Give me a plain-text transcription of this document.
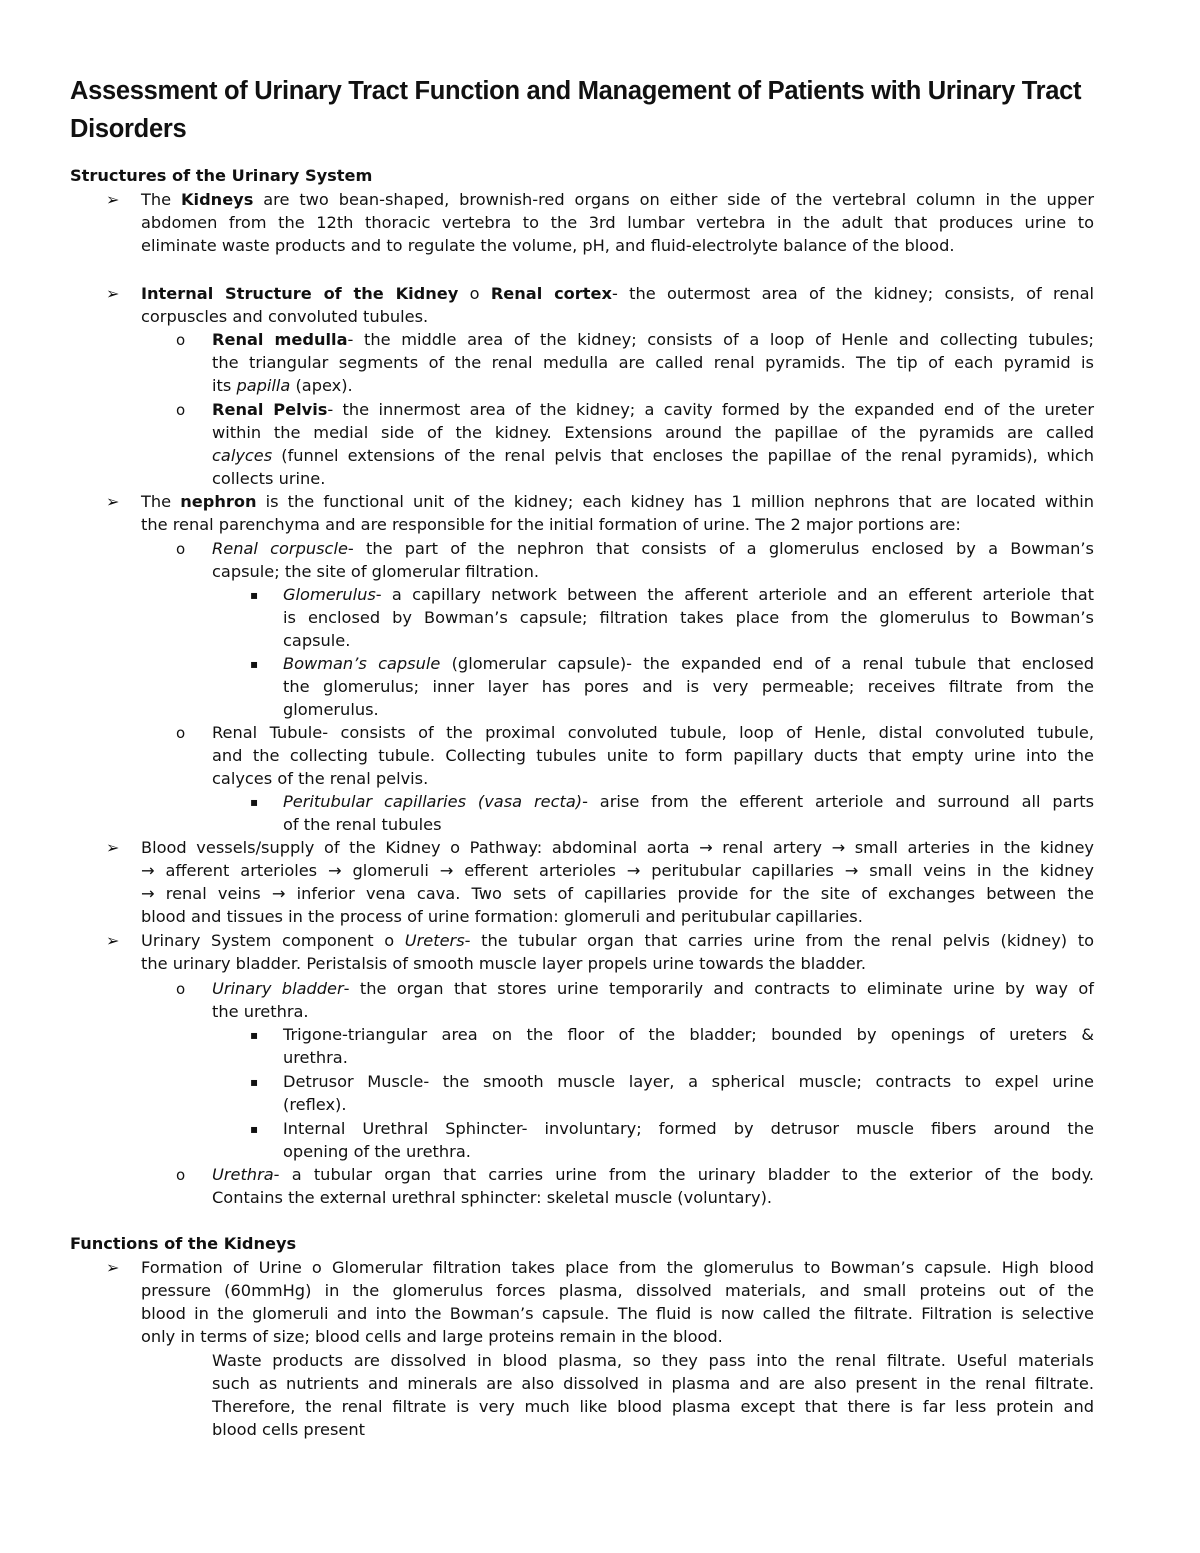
Assessment of Urinary Tract Function and Management of Patients with Urinary Tract Disorders
Structures of the Urinary System
➢ The Kidneys are two bean-shaped, brownish-red organs on either side of the vertebral column in the upper
abdomen from the 12th thoracic vertebra to the 3rd lumbar vertebra in the adult that produces urine to
eliminate waste products and to regulate the volume, pH, and fluid-electrolyte balance of the blood.
➢ Internal Structure of the Kidney o Renal cortex- the outermost area of the kidney; consists, of renal
corpuscles and convoluted tubules.
o Renal medulla- the middle area of the kidney; consists of a loop of Henle and collecting tubules;
the triangular segments of the renal medulla are called renal pyramids. The tip of each pyramid is
its papilla (apex).
o Renal Pelvis- the innermost area of the kidney; a cavity formed by the expanded end of the ureter
within the medial side of the kidney. Extensions around the papillae of the pyramids are called
calyces (funnel extensions of the renal pelvis that encloses the papillae of the renal pyramids), which
collects urine.
➢ The nephron is the functional unit of the kidney; each kidney has 1 million nephrons that are located within
the renal parenchyma and are responsible for the initial formation of urine. The 2 major portions are:
o Renal corpuscle- the part of the nephron that consists of a glomerulus enclosed by a Bowman’s
capsule; the site of glomerular filtration.
▪ Glomerulus- a capillary network between the afferent arteriole and an efferent arteriole that
is enclosed by Bowman’s capsule; filtration takes place from the glomerulus to Bowman’s
capsule.
▪ Bowman’s capsule (glomerular capsule)- the expanded end of a renal tubule that enclosed
the glomerulus; inner layer has pores and is very permeable; receives filtrate from the
glomerulus.
o Renal Tubule- consists of the proximal convoluted tubule, loop of Henle, distal convoluted tubule,
and the collecting tubule. Collecting tubules unite to form papillary ducts that empty urine into the
calyces of the renal pelvis.
▪ Peritubular capillaries (vasa recta)- arise from the efferent arteriole and surround all parts
of the renal tubules
➢ Blood vessels/supply of the Kidney o Pathway: abdominal aorta → renal artery → small arteries in the kidney
→ afferent arterioles → glomeruli → efferent arterioles → peritubular capillaries → small veins in the kidney
→ renal veins → inferior vena cava. Two sets of capillaries provide for the site of exchanges between the
blood and tissues in the process of urine formation: glomeruli and peritubular capillaries.
➢ Urinary System component o Ureters- the tubular organ that carries urine from the renal pelvis (kidney) to
the urinary bladder. Peristalsis of smooth muscle layer propels urine towards the bladder.
o Urinary bladder- the organ that stores urine temporarily and contracts to eliminate urine by way of
the urethra.
▪ Trigone-triangular area on the floor of the bladder; bounded by openings of ureters &
urethra.
▪ Detrusor Muscle- the smooth muscle layer, a spherical muscle; contracts to expel urine
(reflex).
▪ Internal Urethral Sphincter- involuntary; formed by detrusor muscle fibers around the
opening of the urethra.
o Urethra- a tubular organ that carries urine from the urinary bladder to the exterior of the body.
Contains the external urethral sphincter: skeletal muscle (voluntary).
Functions of the Kidneys
➢ Formation of Urine o Glomerular filtration takes place from the glomerulus to Bowman’s capsule. High blood
pressure (60mmHg) in the glomerulus forces plasma, dissolved materials, and small proteins out of the
blood in the glomeruli and into the Bowman’s capsule. The fluid is now called the filtrate. Filtration is selective
only in terms of size; blood cells and large proteins remain in the blood.
Waste products are dissolved in blood plasma, so they pass into the renal filtrate. Useful materials
such as nutrients and minerals are also dissolved in plasma and are also present in the renal filtrate.
Therefore, the renal filtrate is very much like blood plasma except that there is far less protein and
blood cells present
